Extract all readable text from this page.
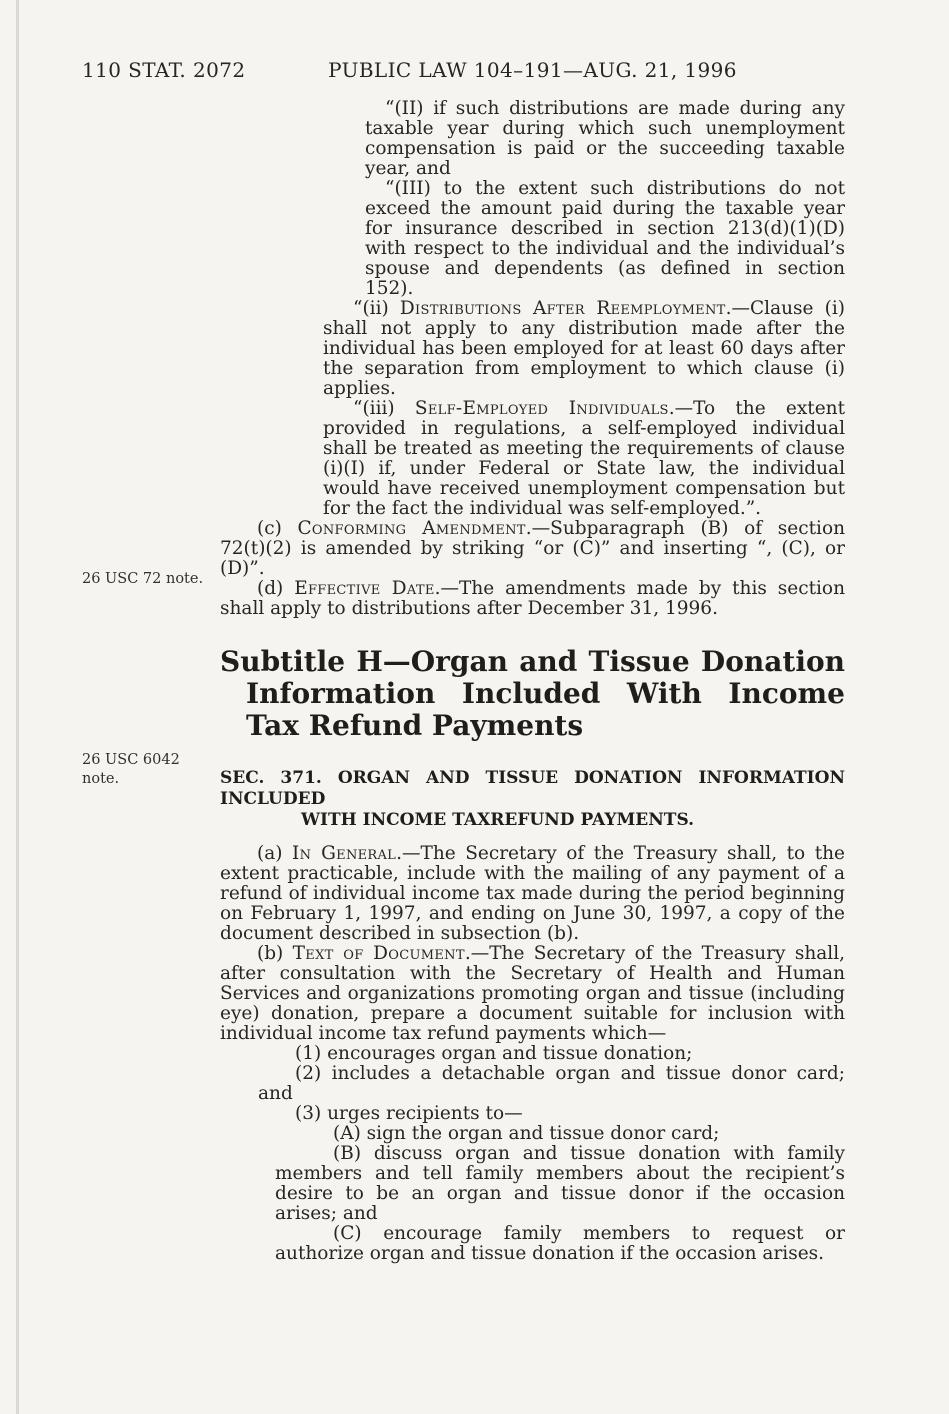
110 STAT. 2072	PUBLIC LAW 104–191—AUG. 21, 1996
26 USC 72 note.
26 USC 6042 note.

“(II) if such distributions are made during any taxable year during which such unemployment compensation is paid or the succeeding taxable year, and

“(III) to the extent such distributions do not exceed the amount paid during the taxable year for insurance described in section 213(d)(1)(D) with respect to the individual and the individual’s spouse and dependents (as defined in section 152).

“(ii) Distributions After Reemployment.—Clause (i) shall not apply to any distribution made after the individual has been employed for at least 60 days after the separation from employment to which clause (i) applies.

“(iii) Self-Employed Individuals.—To the extent provided in regulations, a self-employed individual shall be treated as meeting the requirements of clause (i)(I) if, under Federal or State law, the individual would have received unemployment compensation but for the fact the individual was self-employed.”.

(c) Conforming Amendment.—Subparagraph (B) of section 72(t)(2) is amended by striking “or (C)” and inserting “, (C), or (D)”.

(d) Effective Date.—The amendments made by this section shall apply to distributions after December 31, 1996.

Subtitle H—Organ and Tissue Donation Information Included With Income Tax Refund Payments
SEC. 371. ORGAN AND TISSUE DONATION INFORMATION INCLUDED
WITH INCOME TAXREFUND PAYMENTS.

(a) In General.—The Secretary of the Treasury shall, to the extent practicable, include with the mailing of any payment of a refund of individual income tax made during the period beginning on February 1, 1997, and ending on June 30, 1997, a copy of the document described in subsection (b).

(b) Text of Document.—The Secretary of the Treasury shall, after consultation with the Secretary of Health and Human Services and organizations promoting organ and tissue (including eye) donation, prepare a document suitable for inclusion with individual income tax refund payments which—

(1) encourages organ and tissue donation;

(2) includes a detachable organ and tissue donor card; and

(3) urges recipients to—

(A) sign the organ and tissue donor card;

(B) discuss organ and tissue donation with family members and tell family members about the recipient’s desire to be an organ and tissue donor if the occasion arises; and

(C) encourage family members to request or authorize organ and tissue donation if the occasion arises.
